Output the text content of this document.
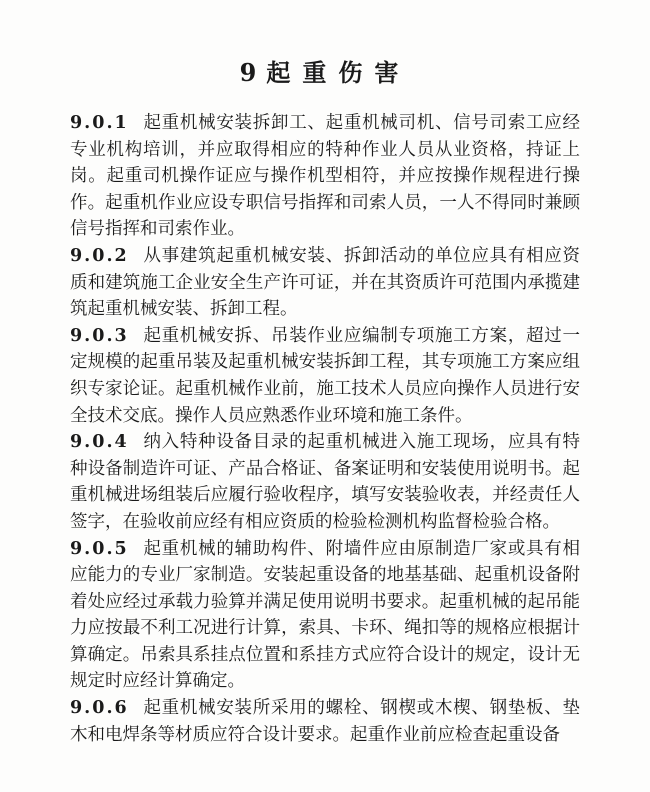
9 起重伤害

9.0.1 起重机械安装拆卸工、起重机械司机、信号司索工应经专业机构培训，并应取得相应的特种作业人员从业资格，持证上岗。起重司机操作证应与操作机型相符，并应按操作规程进行操作。起重机作业应设专职信号指挥和司索人员，一人不得同时兼顾信号指挥和司索作业。

9.0.2 从事建筑起重机械安装、拆卸活动的单位应具有相应资质和建筑施工企业安全生产许可证，并在其资质许可范围内承揽建筑起重机械安装、拆卸工程。

9.0.3 起重机械安拆、吊装作业应编制专项施工方案，超过一定规模的起重吊装及起重机械安装拆卸工程，其专项施工方案应组织专家论证。起重机械作业前，施工技术人员应向操作人员进行安全技术交底。操作人员应熟悉作业环境和施工条件。

9.0.4 纳入特种设备目录的起重机械进入施工现场，应具有特种设备制造许可证、产品合格证、备案证明和安装使用说明书。起重机械进场组装后应履行验收程序，填写安装验收表，并经责任人签字，在验收前应经有相应资质的检验检测机构监督检验合格。

9.0.5 起重机械的辅助构件、附墙件应由原制造厂家或具有相应能力的专业厂家制造。安装起重设备的地基基础、起重机设备附着处应经过承载力验算并满足使用说明书要求。起重机械的起吊能力应按最不利工况进行计算，索具、卡环、绳扣等的规格应根据计算确定。吊索具系挂点位置和系挂方式应符合设计的规定，设计无规定时应经计算确定。

9.0.6 起重机械安装所采用的螺栓、钢楔或木楔、钢垫板、垫木和电焊条等材质应符合设计要求。起重作业前应检查起重设备
